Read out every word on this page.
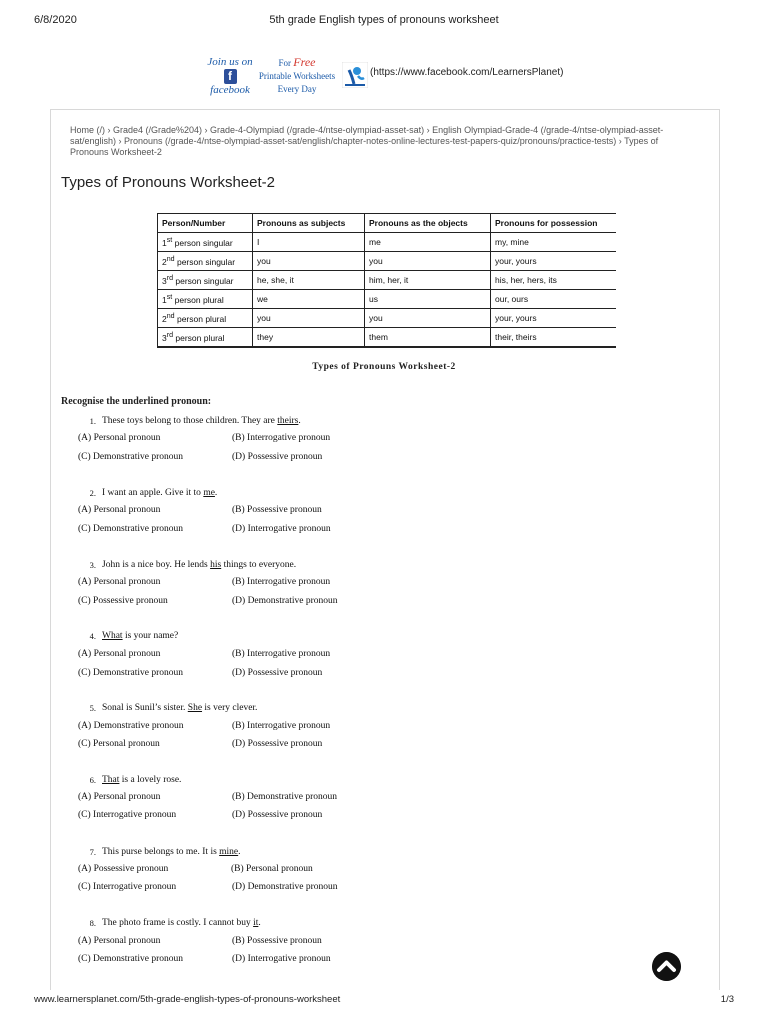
6/8/2020	5th grade English types of pronouns worksheet
Join us on
f
facebook
For Free
Printable Worksheets
Every Day
(https://www.facebook.com/LearnersPlanet)
Home (/) › Grade4 (/Grade%204) › Grade-4-Olympiad (/grade-4/ntse-olympiad-asset-sat) › English Olympiad-Grade-4 (/grade-4/ntse-olympiad-asset-sat/english) › Pronouns (/grade-4/ntse-olympiad-asset-sat/english/chapter-notes-online-lectures-test-papers-quiz/pronouns/practice-tests) › Types of Pronouns Worksheet-2
Types of Pronouns Worksheet-2
Person/Number	Pronouns as subjects	Pronouns as the objects	Pronouns for possession
1st person singular	I	me	my, mine
2nd person singular	you	you	your, yours
3rd person singular	he, she, it	him, her, it	his, her, hers, its
1st person plural	we	us	our, ours
2nd person plural	you	you	your, yours
3rd person plural	they	them	their, theirs
Types of Pronouns Worksheet-2
Recognise the underlined pronoun:
1. These toys belong to those children. They are theirs.
(A) Personal pronoun	(B) Interrogative pronoun
(C) Demonstrative pronoun	(D) Possessive pronoun
2. I want an apple. Give it to me.
(A) Personal pronoun	(B) Possessive pronoun
(C) Demonstrative pronoun	(D) Interrogative pronoun
3. John is a nice boy. He lends his things to everyone.
(A) Personal pronoun	(B) Interrogative pronoun
(C) Possessive pronoun	(D) Demonstrative pronoun
4. What is your name?
(A) Personal pronoun	(B) Interrogative pronoun
(C) Demonstrative pronoun	(D) Possessive pronoun
5. Sonal is Sunil’s sister. She is very clever.
(A) Demonstrative pronoun	(B) Interrogative pronoun
(C) Personal pronoun	(D) Possessive pronoun
6. That is a lovely rose.
(A) Personal pronoun	(B) Demonstrative pronoun
(C) Interrogative pronoun	(D) Possessive pronoun
7. This purse belongs to me. It is mine.
(A) Possessive pronoun	(B) Personal pronoun
(C) Interrogative pronoun	(D) Demonstrative pronoun
8. The photo frame is costly. I cannot buy it.
(A) Personal pronoun	(B) Possessive pronoun
(C) Demonstrative pronoun	(D) Interrogative pronoun
www.learnersplanet.com/5th-grade-english-types-of-pronouns-worksheet	1/3
